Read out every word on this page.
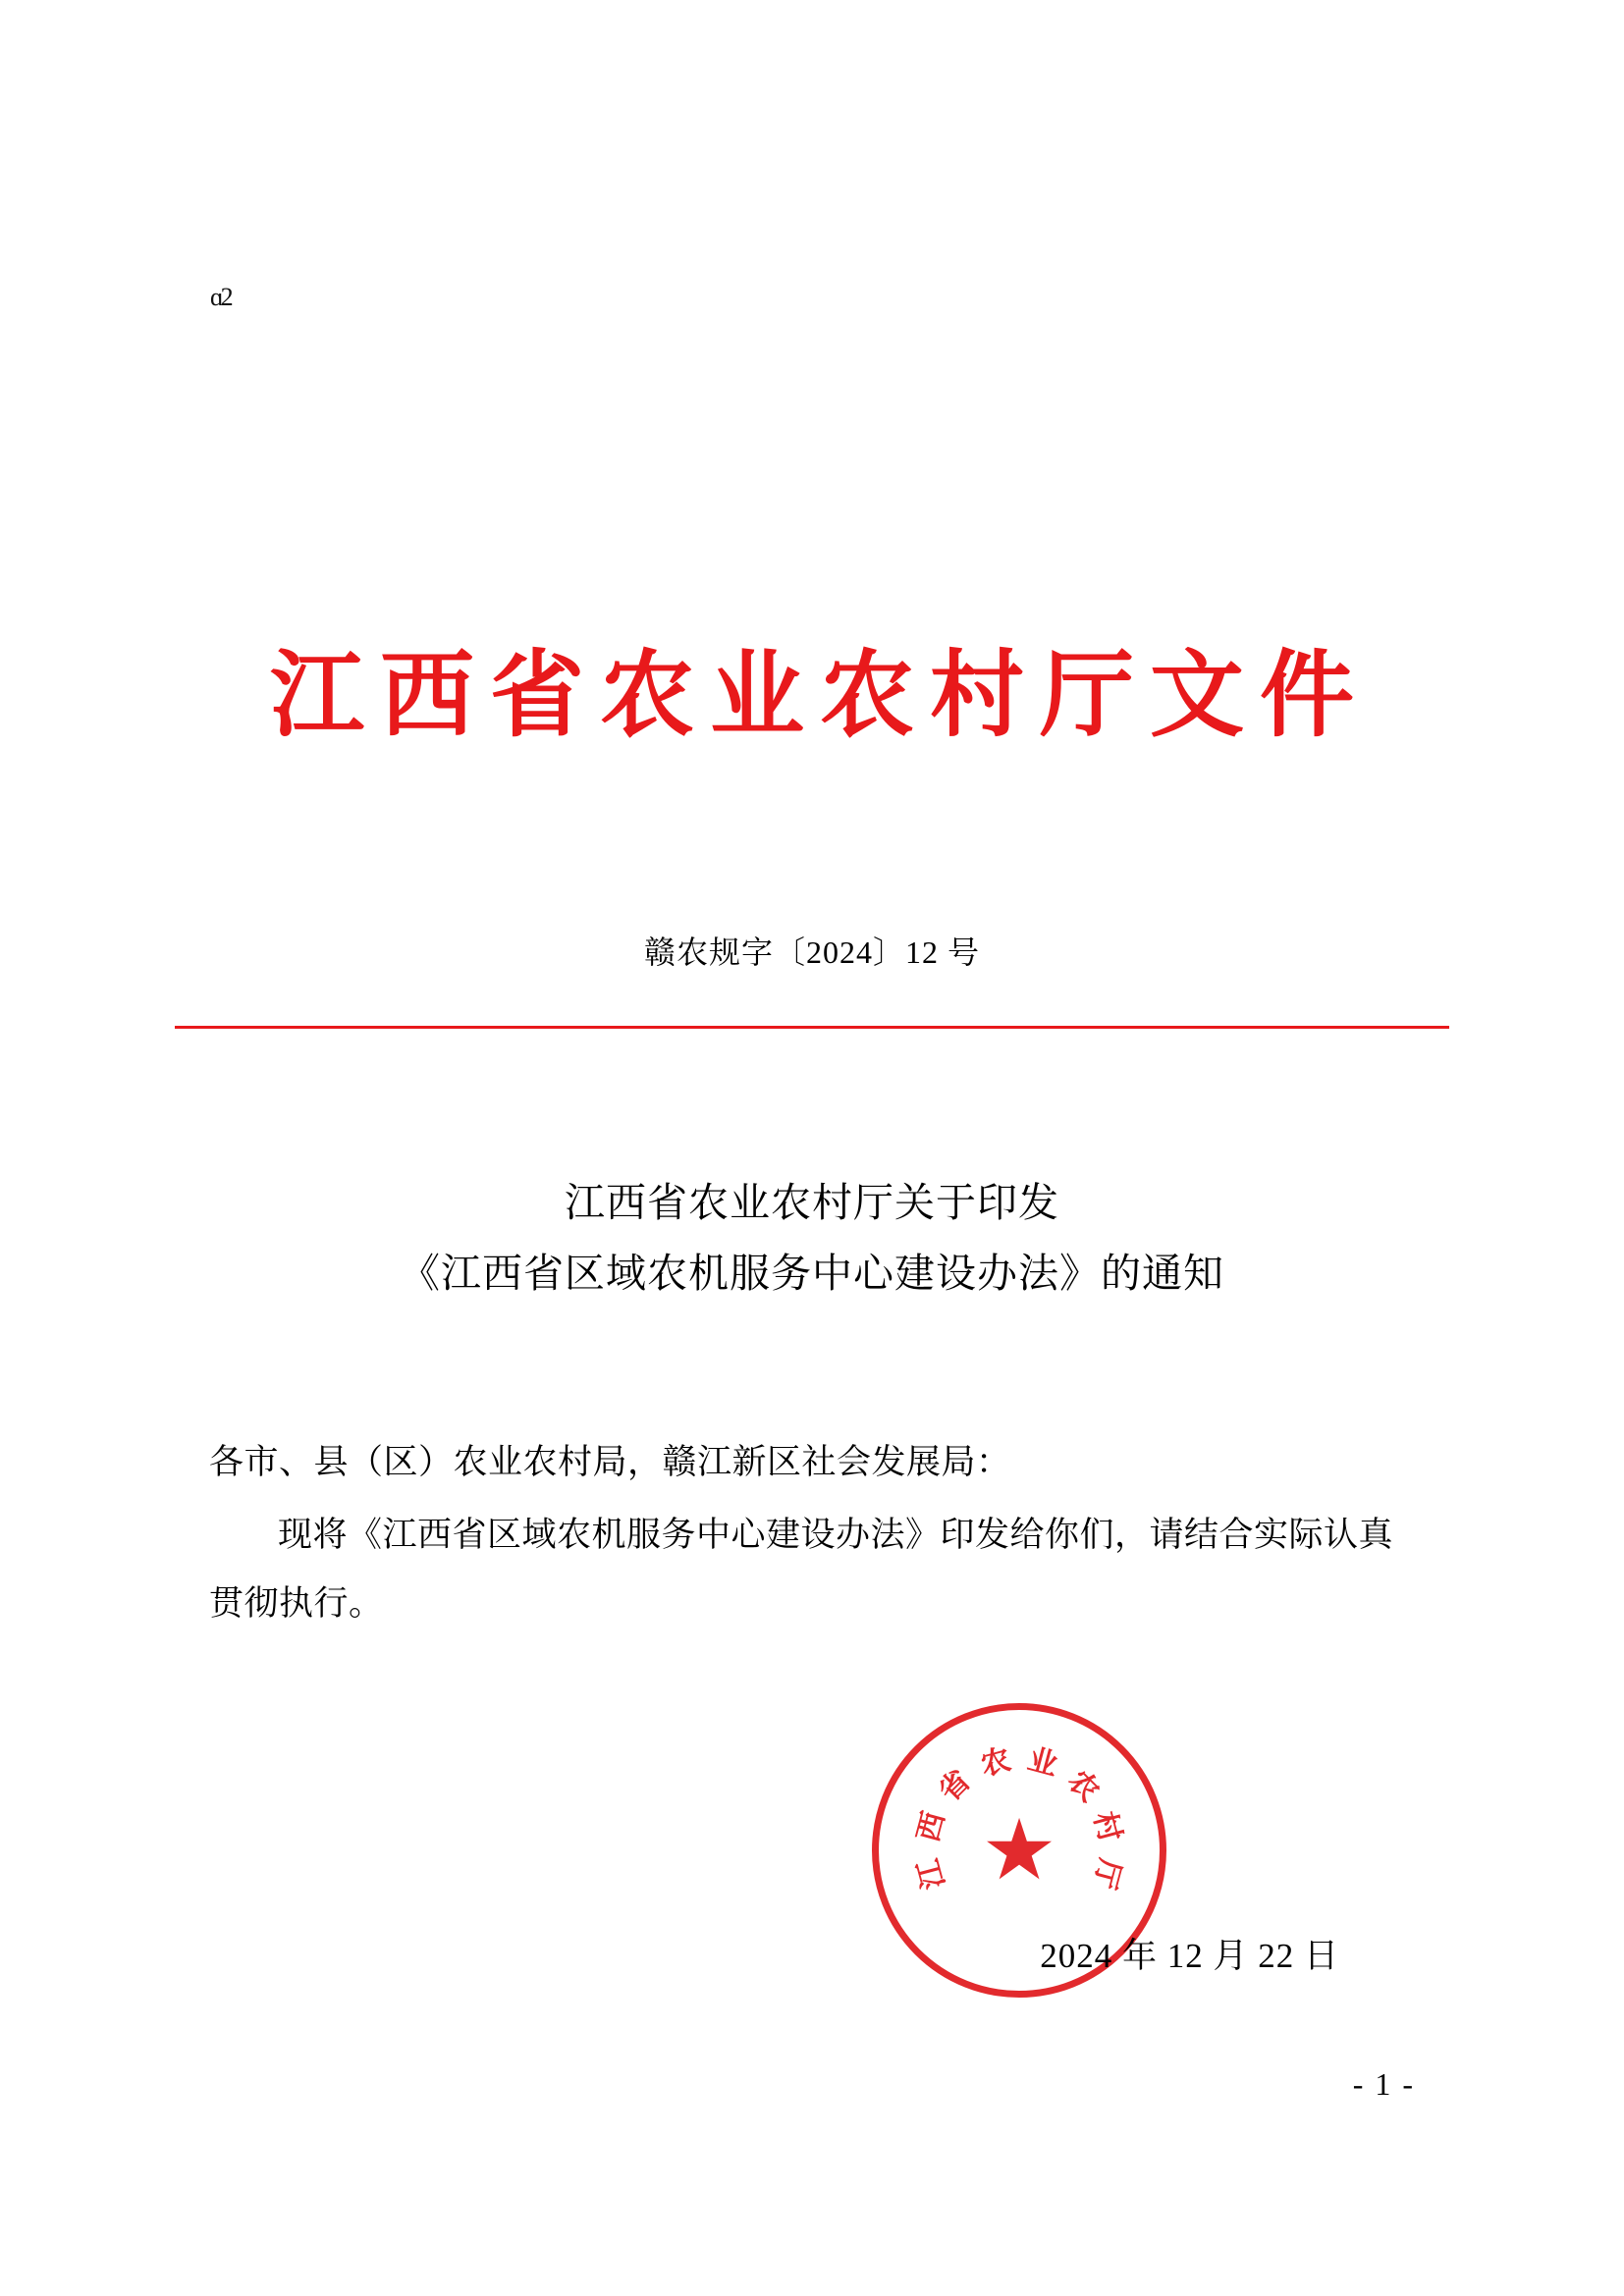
ɑ2
江西省农业农村厅文件
赣农规字〔2024〕12 号
江西省农业农村厅关于印发
《江西省区域农机服务中心建设办法》的通知

各市、县（区）农业农村局，赣江新区社会发展局：

现将《江西省区域农机服务中心建设办法》印发给你们，请结合实际认真贯彻执行。

江
西
省
农 业
农
村
厅
★
2024 年 12 月 22 日
- 1 -
